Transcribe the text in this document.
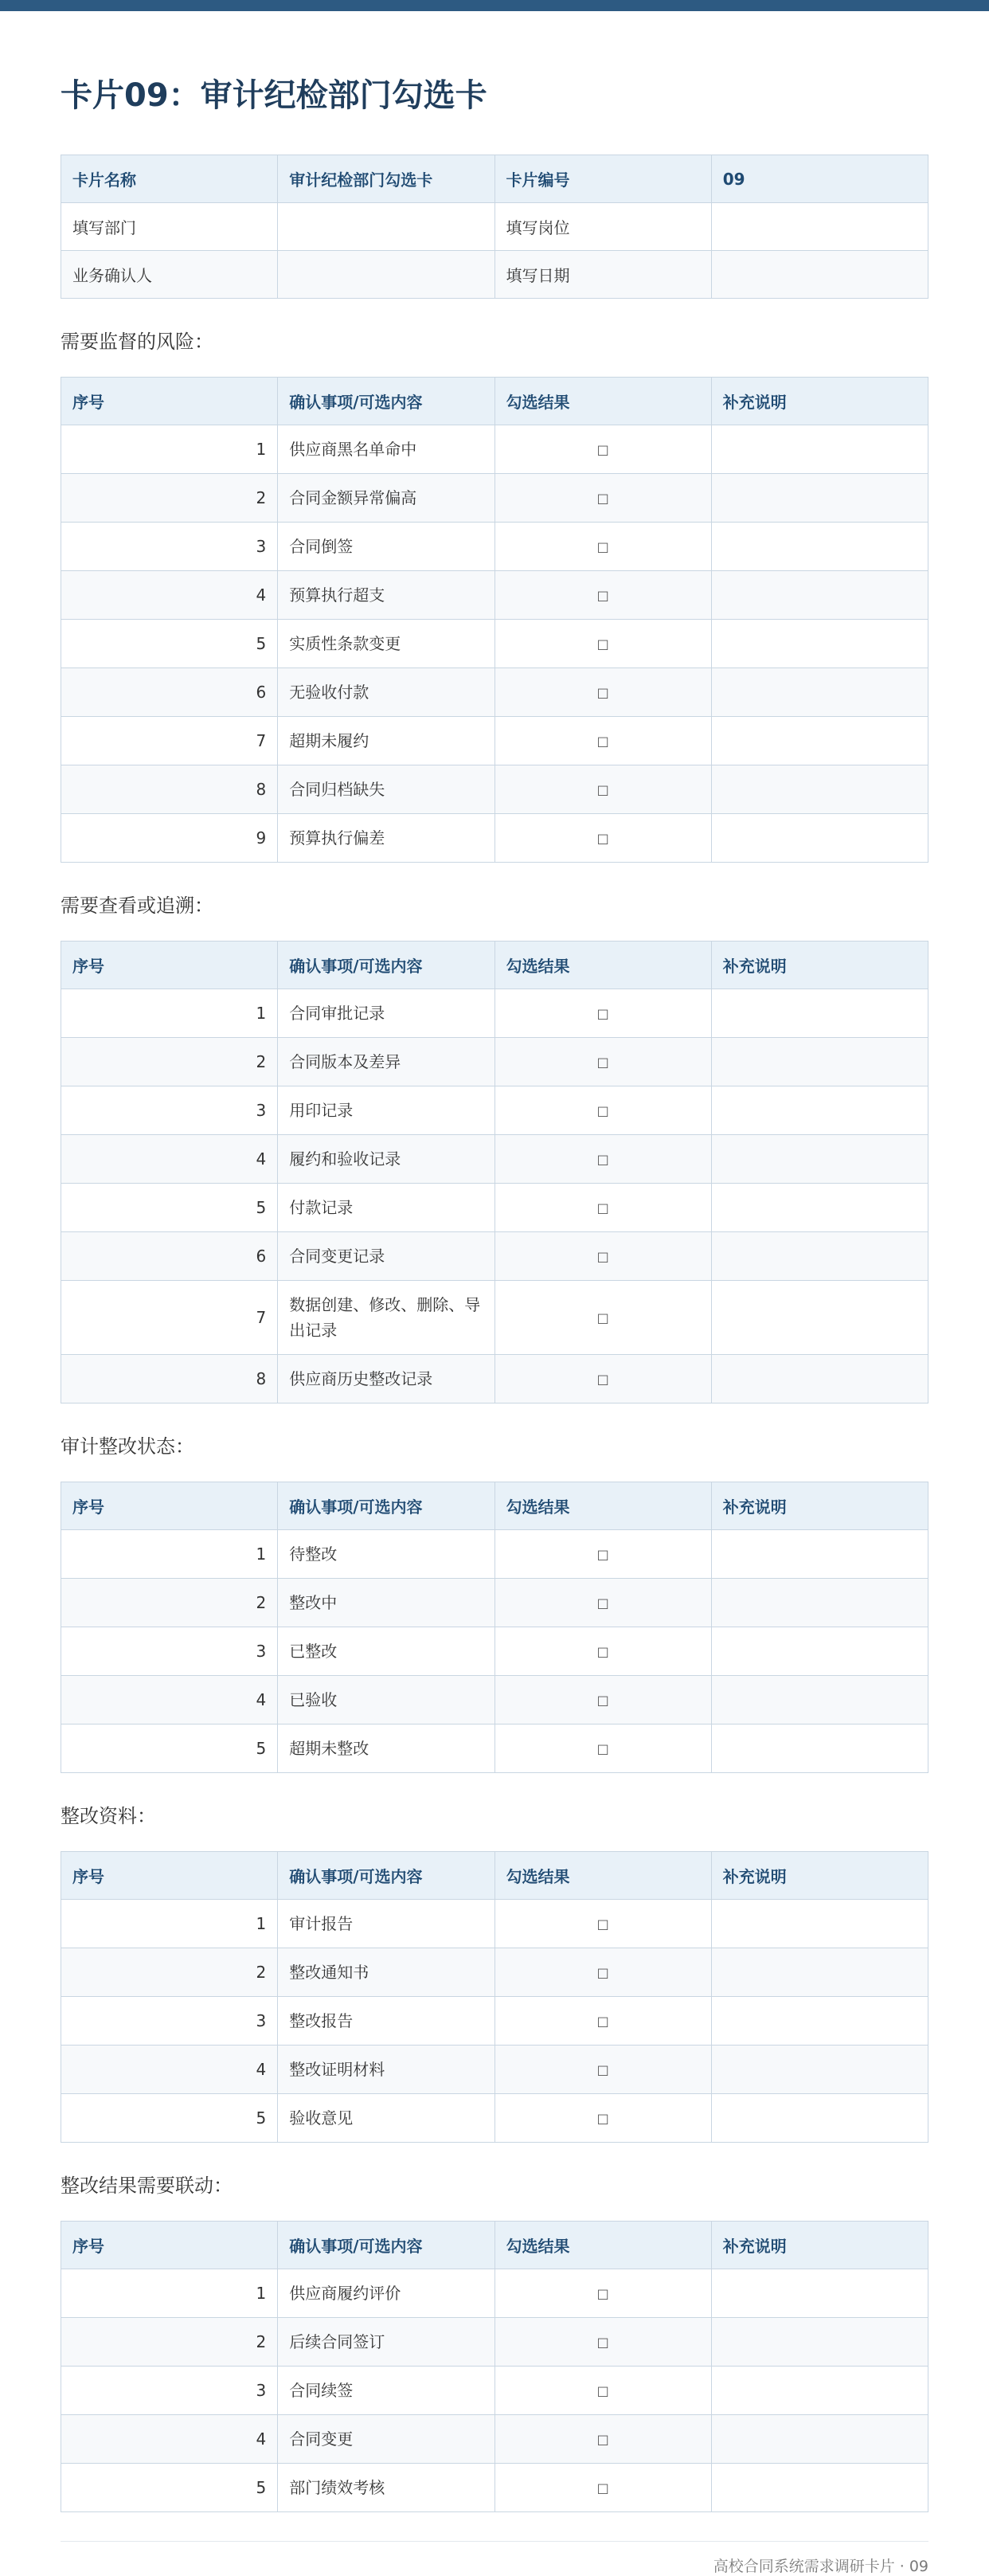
卡片09：审计纪检部门勾选卡
卡片名称	审计纪检部门勾选卡	卡片编号	09
填写部门		填写岗位	
业务确认人		填写日期	
需要监督的风险：
序号	确认事项/可选内容	勾选结果	补充说明
1	供应商黑名单命中	□	
2	合同金额异常偏高	□	
3	合同倒签	□	
4	预算执行超支	□	
5	实质性条款变更	□	
6	无验收付款	□	
7	超期未履约	□	
8	合同归档缺失	□	
9	预算执行偏差	□	
需要查看或追溯：
序号	确认事项/可选内容	勾选结果	补充说明
1	合同审批记录	□	
2	合同版本及差异	□	
3	用印记录	□	
4	履约和验收记录	□	
5	付款记录	□	
6	合同变更记录	□	
7	数据创建、修改、删除、导出记录	□	
8	供应商历史整改记录	□	
审计整改状态：
序号	确认事项/可选内容	勾选结果	补充说明
1	待整改	□	
2	整改中	□	
3	已整改	□	
4	已验收	□	
5	超期未整改	□	
整改资料：
序号	确认事项/可选内容	勾选结果	补充说明
1	审计报告	□	
2	整改通知书	□	
3	整改报告	□	
4	整改证明材料	□	
5	验收意见	□	
整改结果需要联动：
序号	确认事项/可选内容	勾选结果	补充说明
1	供应商履约评价	□	
2	后续合同签订	□	
3	合同续签	□	
4	合同变更	□	
5	部门绩效考核	□	
高校合同系统需求调研卡片 · 09
